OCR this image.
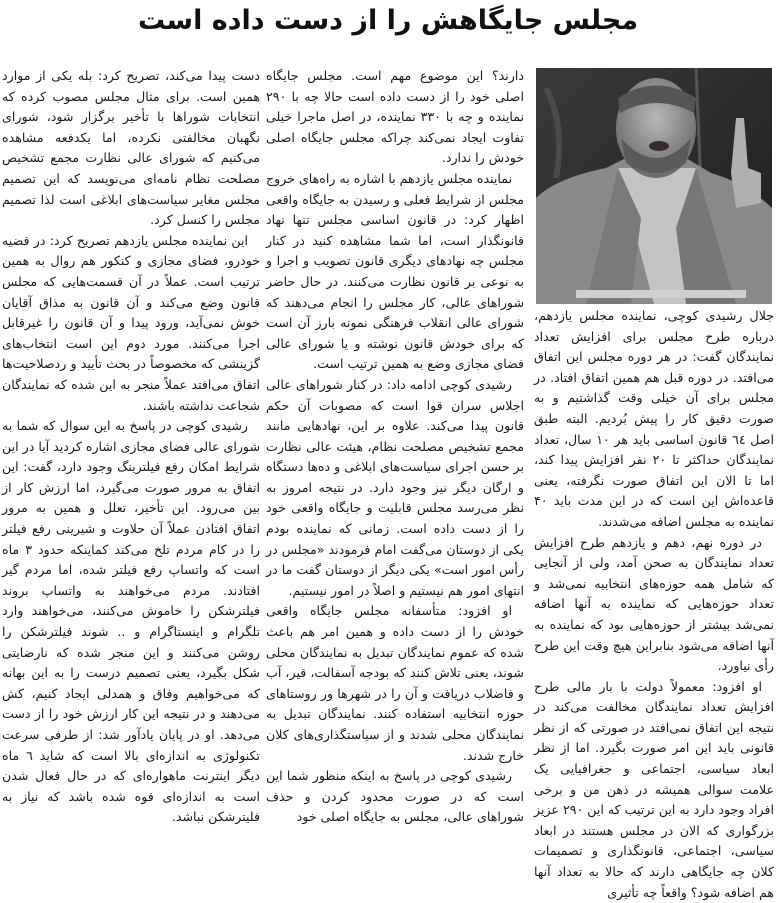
مجلس جایگاهش را از دست داده است

جلال رشیدی کوچی، نماینده مجلس یازدهم، درباره طرح مجلس برای افزایش تعداد نمایندگان گفت: در هر دوره مجلس این اتفاق می‌افتد. در دوره قبل هم همین اتفاق افتاد. در مجلس برای آن خیلی وقت گذاشتیم و به صورت دقیق کار را پیش بُردیم. البته طبق اصل ٦٤ قانون اساسی باید هر ۱۰ سال، تعداد نمایندگان حداکثر تا ۲۰ نفر افزایش پیدا کند، اما تا الان این اتفاق صورت نگرفته، یعنی قاعده‌اش این است که در این مدت باید ۴۰ نماینده به مجلس اضافه می‌شدند.

در دوره نهم، دهم و یازدهم طرح افزایش تعداد نمایندگان به صحن آمد، ولی از آنجایی که شامل همه حوزه‌های انتخابیه نمی‌شد و تعداد حوزه‌هایی که نماینده به آنها اضافه نمی‌شد بیشتر از حوزه‌هایی بود که نماینده به آنها اضافه می‌شود بنابراین هیچ وقت این طرح رأی نیاورد.

او افزود: معمولاً دولت با بار مالی طرح افزایش تعداد نمایندگان مخالفت می‌کند در نتیجه این اتفاق نمی‌افتد در صورتی که از نظر قانونی باید این امر صورت بگیرد. اما از نظر ابعاد سیاسی، اجتماعی و جغرافیایی یک علامت سوالی همیشه در ذهن من و برخی افراد وجود دارد به این ترتیب که این ۲۹۰ عزیز بزرگواری که الان در مجلس هستند در ابعاد سیاسی، اجتماعی، قانونگذاری و تصمیمات کلان چه جایگاهی دارند که حالا به تعداد آنها هم اضافه شود؟ واقعاً چه تأثیری

دارند؟ این موضوع مهم است. مجلس جایگاه اصلی خود را از دست داده است حالا چه با ۲۹۰ نماینده و چه با ۳۳۰ نماینده، در اصل ماجرا خیلی تفاوت ایجاد نمی‌کند چراکه مجلس جایگاه اصلی خودش را ندارد.

نماینده مجلس یازدهم با اشاره به راه‌های خروج مجلس از شرایط فعلی و رسیدن به جایگاه واقعی اظهار کرد: در قانون اساسی مجلس تنها نهاد قانونگذار است، اما شما مشاهده کنید در کنار مجلس چه نهادهای دیگری قانون تصویب و اجرا و به نوعی بر قانون نظارت می‌کنند. در حال حاضر شوراهای عالی، کار مجلس را انجام می‌دهند که شورای عالی انقلاب فرهنگی نمونه بارز آن است که برای خودش قانون نوشته و یا شورای عالی فضای مجازی وضع به همین ترتیب است.

رشیدی کوچی ادامه داد: در کنار شوراهای عالی اجلاس سران قوا است که مصوبات آن حکم قانون پیدا می‌کند. علاوه بر این، نهادهایی مانند مجمع تشخیص مصلحت نظام، هیئت عالی نظارت بر حسن اجرای سیاست‌های ابلاغی و ده‌ها دستگاه و ارگان دیگر نیز وجود دارد. در نتیجه امروز به نظر می‌رسد مجلس قابلیت و جایگاه واقعی خود را از دست داده است. زمانی که نماینده بودم یکی از دوستان می‌گفت امام فرمودند «مجلس در رأس امور است» یکی دیگر از دوستان گفت ما در انتهای امور هم نیستیم و اصلاً در امور نیستیم.

او افزود: متأسفانه مجلس جایگاه واقعی خودش را از دست داده و همین امر هم باعث شده که عموم نمایندگان تبدیل به نمایندگان محلی شوند، یعنی تلاش کنند که بودجه آسفالت، قیر، آب و فاضلاب دریافت و آن را در شهرها ور روستاهای حوزه انتخابیه استفاده کنند. نمایندگان تبدیل به نمایندگان محلی شدند و از سیاستگذاری‌های کلان خارج شدند.

رشیدی کوچی در پاسخ به اینکه منظور شما این است که در صورت محدود کردن و حذف شوراهای عالی، مجلس به جایگاه اصلی خود

دست پیدا می‌کند، تصریح کرد: بله یکی از موارد همین است. برای مثال مجلس مصوب کرده که انتخابات شوراها با تأخیر برگزار شود، شورای نگهبان مخالفتی نکرده، اما یکدفعه مشاهده می‌کنیم که شورای عالی نظارت مجمع تشخیص مصلحت نظام نامه‌ای می‌نویسد که این تصمیم مجلس مغایر سیاست‌های ابلاغی است لذا تصمیم مجلس را کنسل کرد.

این نماینده مجلس یازدهم تصریح کرد: در قضیه خودرو، فضای مجازی و کنکور هم روال به همین ترتیب است. عملاً در آن قسمت‌هایی که مجلس قانون وضع می‌کند و آن قانون به مذاق آقایان خوش نمی‌آید، ورود پیدا و آن قانون را غیرقابل اجرا می‌کنند. مورد دوم این است انتخاب‌های گزینشی که مخصوصاً در بحث تأیید و ردصلاحیت‌ها اتفاق می‌افتد عملاً منجر به این شده که نمایندگان شجاعت نداشته باشند.

رشیدی کوچی در پاسخ به این سوال که شما به شورای عالی فضای مجازی اشاره کردید آیا در این شرایط امکان رفع فیلترینگ وجود دارد، گفت: این اتفاق به مرور صورت می‌گیرد، اما ارزش کار از بین می‌رود. این تأخیر، تعلل و همین به مرور اتفاق افتادن عملاً آن حلاوت و شیرینی رفع فیلتر را در کام مردم تلخ می‌کند کماینکه حدود ۳ ماه است که واتساپ رفع فیلتر شده، اما مردم گیر افتادند. مردم می‌خواهند به واتساپ بروند فیلترشکن را خاموش می‌کنند، می‌خواهند وارد تلگرام و اینستاگرام و .. شوند فیلترشکن را روشن می‌کنند و این منجر شده که نارضایتی شکل بگیرد، یعنی تصمیم درست را به این بهانه که می‌خواهیم وفاق و همدلی ایجاد کنیم، کش می‌دهند و در نتیجه این کار ارزش خود را از دست می‌دهد. او در پایان یادآور شد: از طرفی سرعت تکنولوژی به اندازه‌ای بالا است که شاید ٦ ماه دیگر اینترنت ماهواره‌ای که در حال فعال شدن است به اندازه‌ای قوه شده باشد که نیاز به فلیترشکن نباشد.
